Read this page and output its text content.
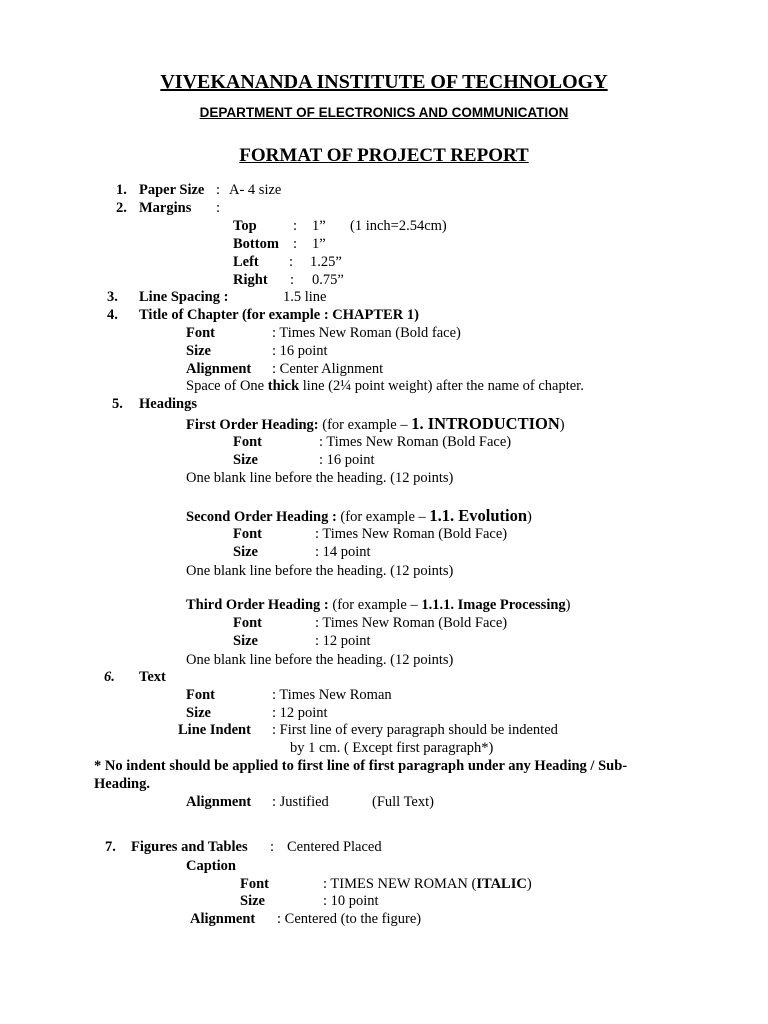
VIVEKANANDA INSTITUTE OF TECHNOLOGY
DEPARTMENT OF ELECTRONICS AND COMMUNICATION
FORMAT OF PROJECT REPORT
1. Paper Size : A- 4 size
2. Margins :
Top	: 1” (1 inch=2.54cm)
Bottom : 1”
Left : 1.25”
Right : 0.75”
3. Line Spacing :	1.5 line
4. Title of Chapter (for example : CHAPTER 1)
Font	: Times New Roman (Bold face)
Size	: 16 point
Alignment : Center Alignment
Space of One thick line (2¼ point weight) after the name of chapter.
5. Headings
First Order Heading: (for example – 1. INTRODUCTION)
Font	: Times New Roman (Bold Face)
Size	: 16 point
One blank line before the heading. (12 points)
Second Order Heading : (for example – 1.1. Evolution)
Font	: Times New Roman (Bold Face)
Size	: 14 point
One blank line before the heading. (12 points)
Third Order Heading : (for example – 1.1.1. Image Processing)
Font	: Times New Roman (Bold Face)
Size	: 12 point
One blank line before the heading. (12 points)
6. Text
Font	: Times New Roman
Size	: 12 point
Line Indent : First line of every paragraph should be indented
by 1 cm. ( Except first paragraph*)
* No indent should be applied to first line of first paragraph under any Heading / Sub-
Heading.
Alignment : Justified	(Full Text)
7. Figures and Tables : Centered Placed
Caption
Font	: TIMES NEW ROMAN (ITALIC)
Size	: 10 point
Alignment : Centered (to the figure)
